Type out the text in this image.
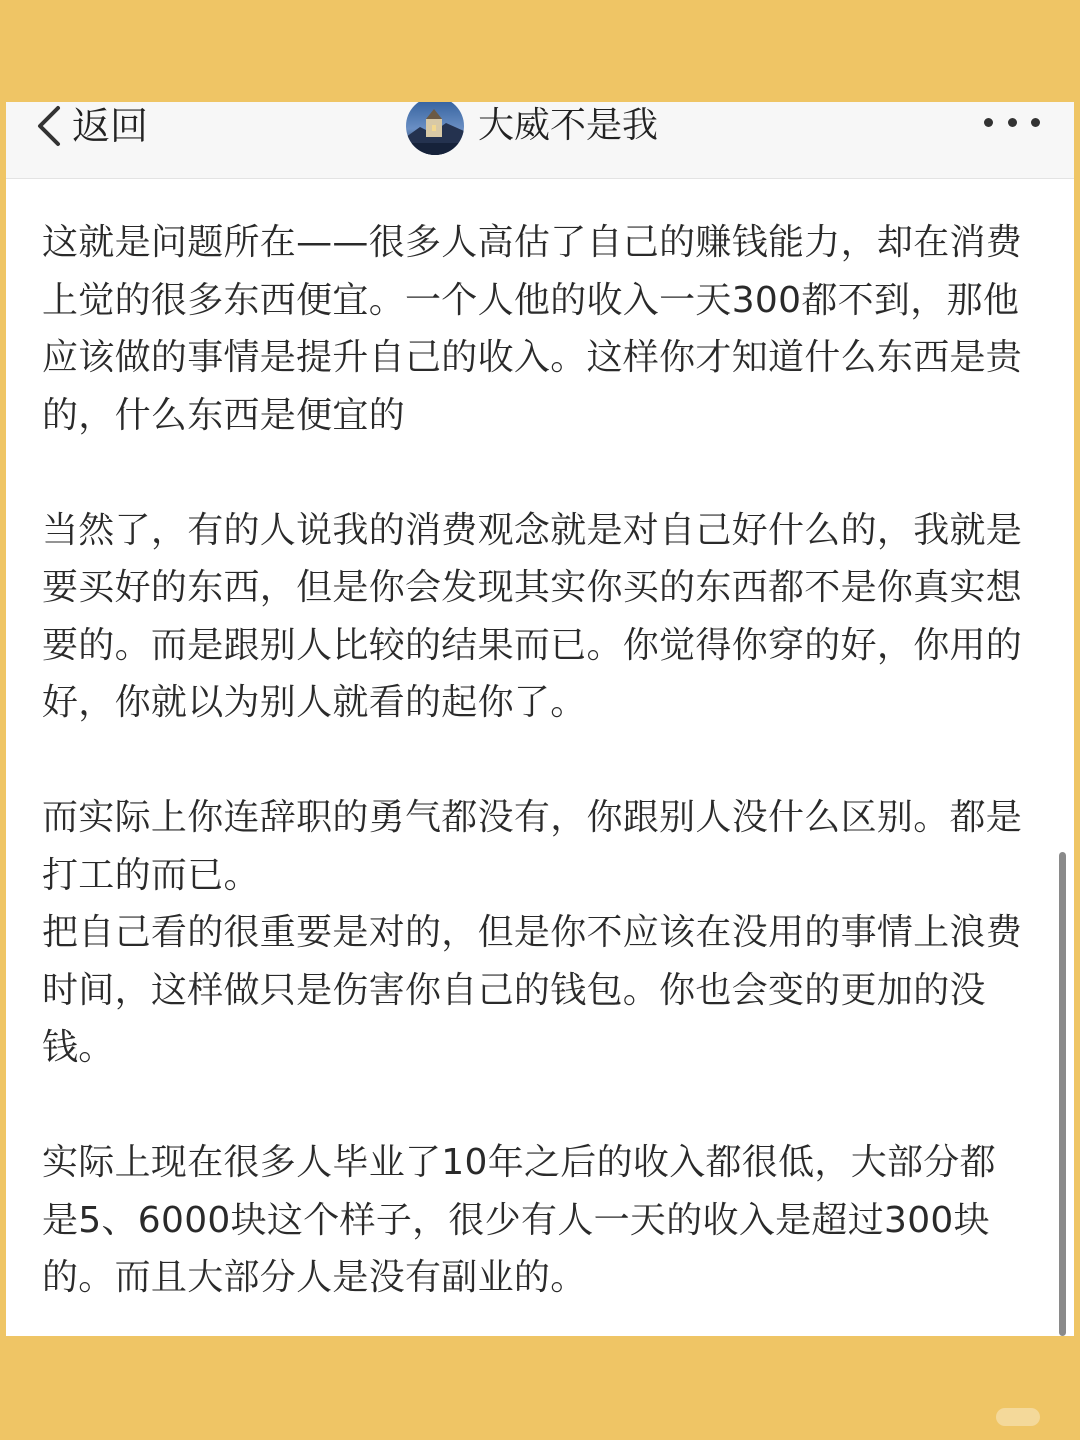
返回	大威不是我

这就是问题所在——很多人高估了自己的赚钱能力，却在消费上觉的很多东西便宜。一个人他的收入一天300都不到，那他应该做的事情是提升自己的收入。这样你才知道什么东西是贵的，什么东西是便宜的

当然了，有的人说我的消费观念就是对自己好什么的，我就是要买好的东西，但是你会发现其实你买的东西都不是你真实想要的。而是跟别人比较的结果而已。你觉得你穿的好，你用的好，你就以为别人就看的起你了。

而实际上你连辞职的勇气都没有，你跟别人没什么区别。都是打工的而已。
把自己看的很重要是对的，但是你不应该在没用的事情上浪费时间，这样做只是伤害你自己的钱包。你也会变的更加的没钱。

实际上现在很多人毕业了10年之后的收入都很低，大部分都是5、6000块这个样子，很少有人一天的收入是超过300块的。而且大部分人是没有副业的。
